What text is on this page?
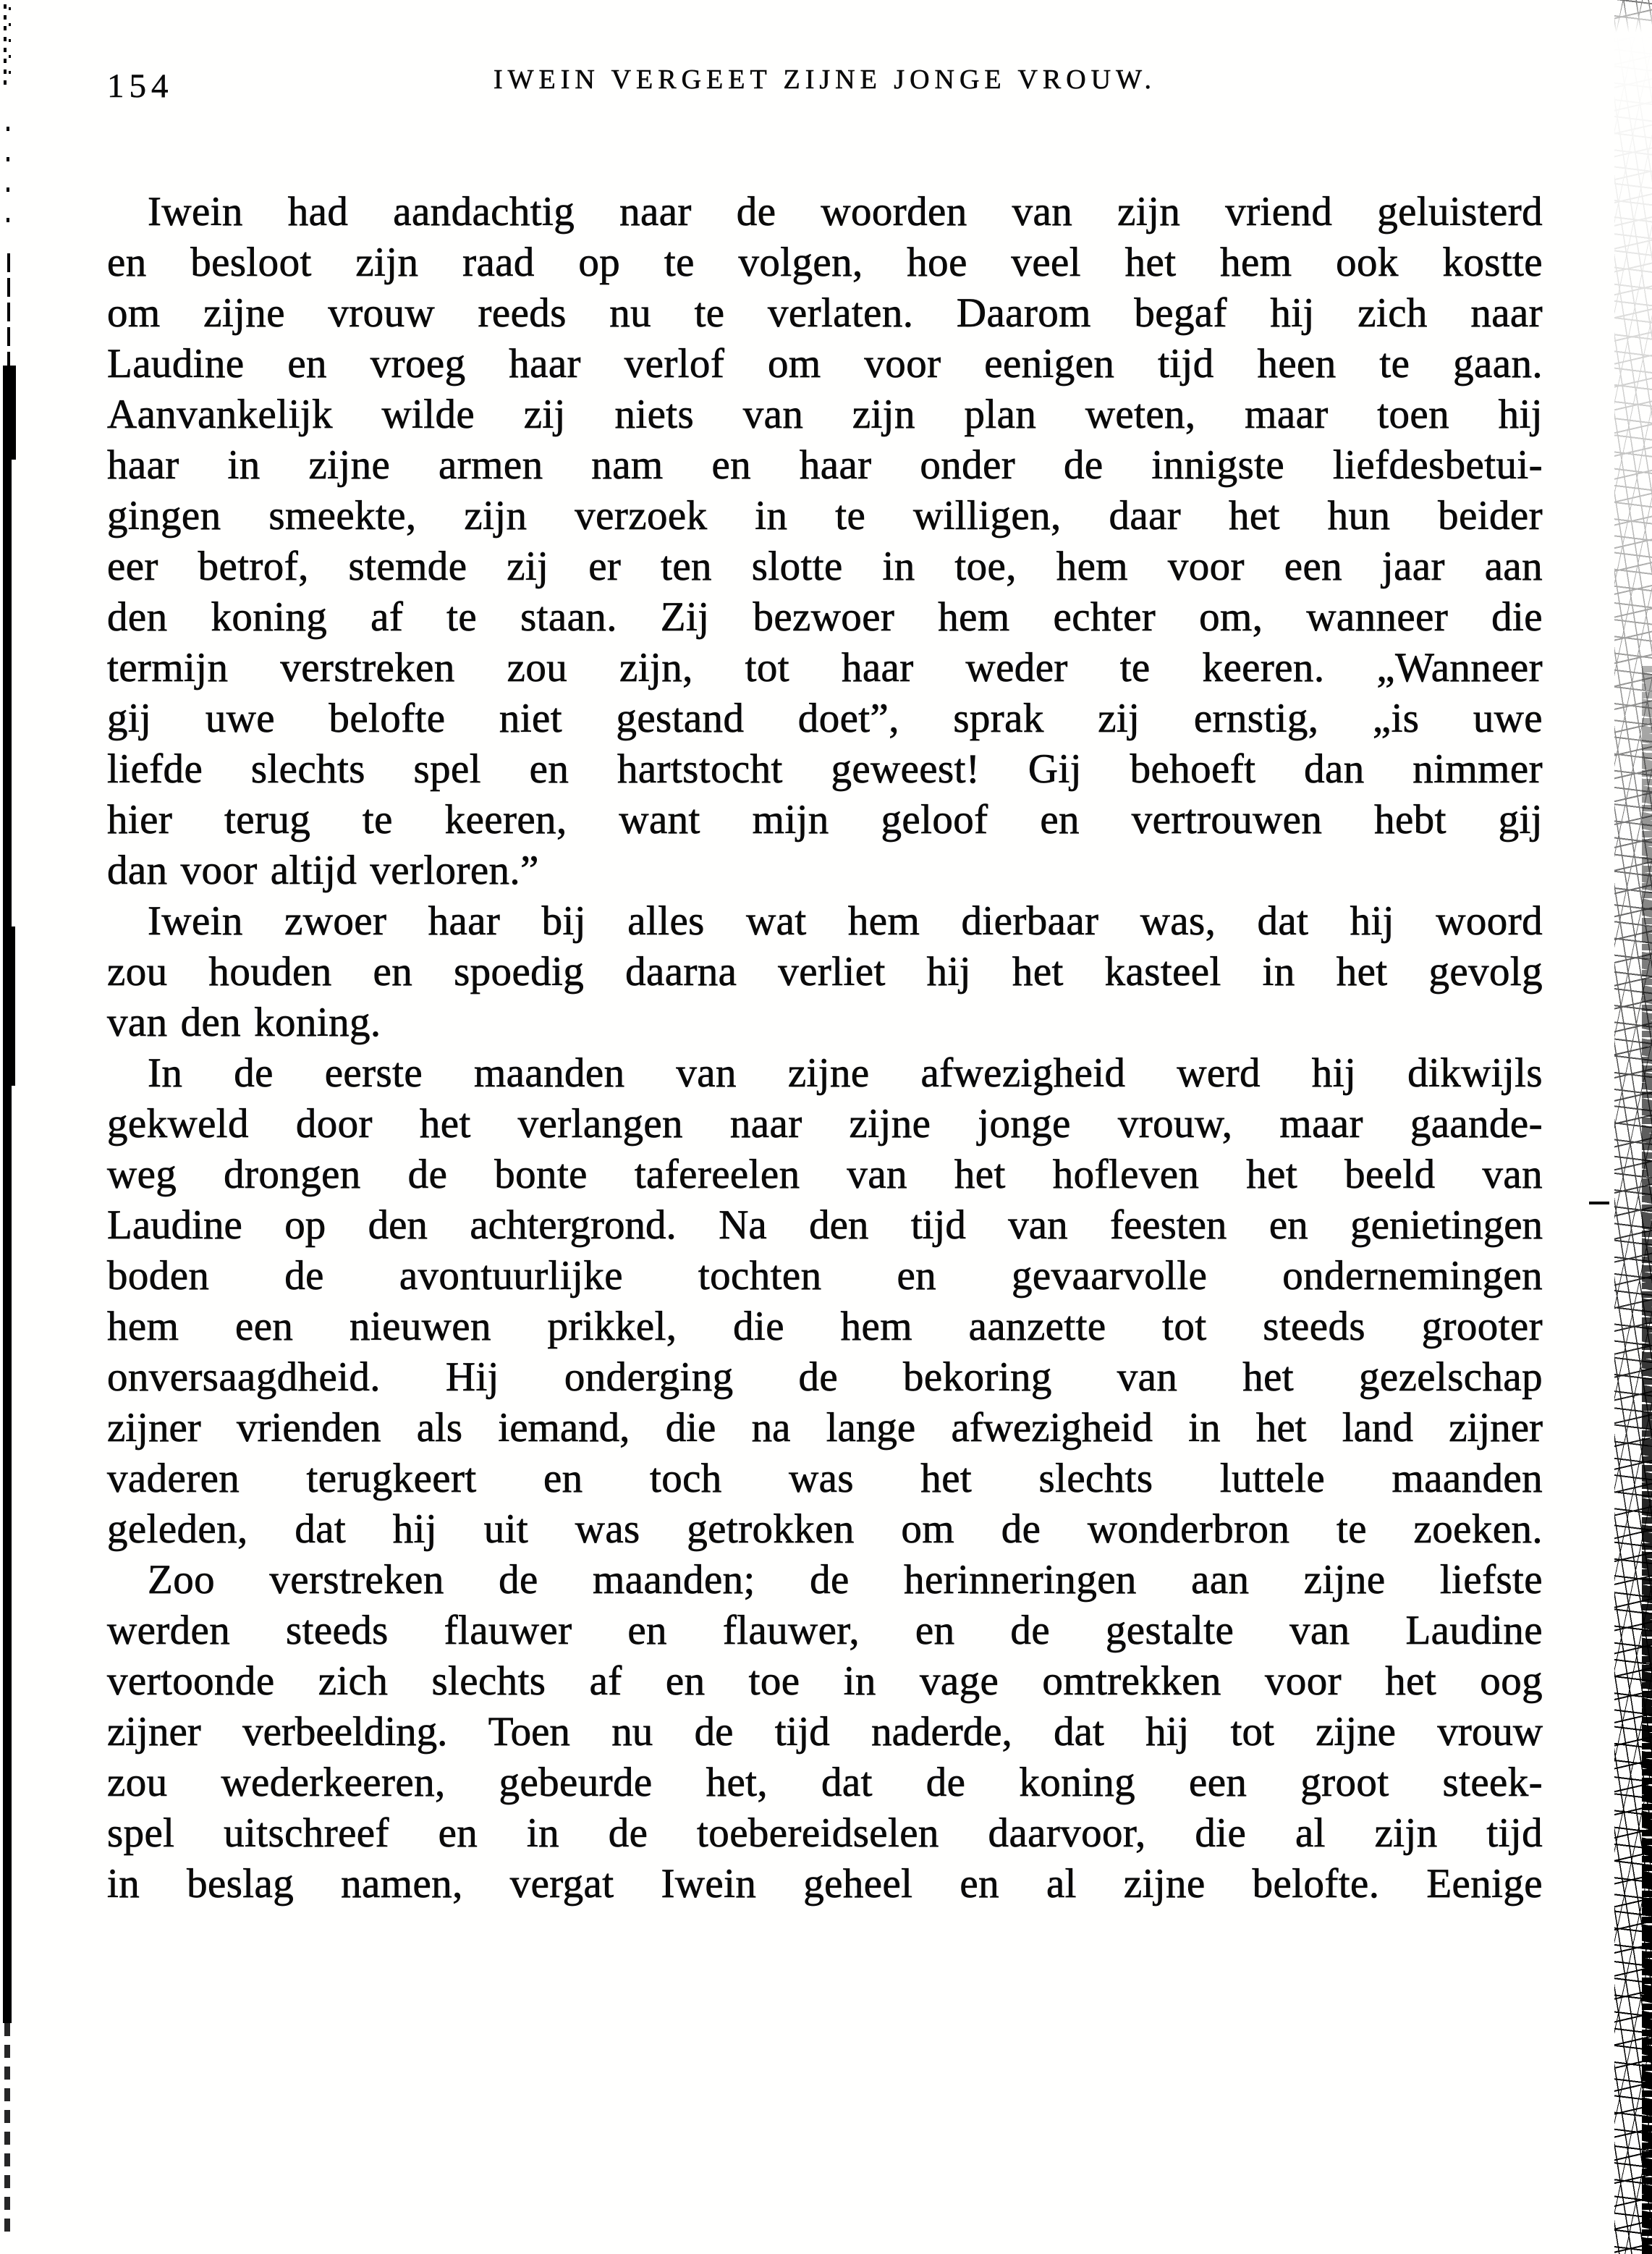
154	IWEIN VERGEET ZIJNE JONGE VROUW.
Iwein had aandachtig naar de woorden van zijn vriend geluisterd
en besloot zijn raad op te volgen, hoe veel het hem ook kostte
om zijne vrouw reeds nu te verlaten. Daarom begaf hij zich naar
Laudine en vroeg haar verlof om voor eenigen tijd heen te gaan.
Aanvankelijk wilde zij niets van zijn plan weten, maar toen hij
haar in zijne armen nam en haar onder de innigste liefdesbetui-
gingen smeekte, zijn verzoek in te willigen, daar het hun beider
eer betrof, stemde zij er ten slotte in toe, hem voor een jaar aan
den koning af te staan. Zij bezwoer hem echter om, wanneer die
termijn verstreken zou zijn, tot haar weder te keeren. „Wanneer
gij uwe belofte niet gestand doet”, sprak zij ernstig, „is uwe
liefde slechts spel en hartstocht geweest! Gij behoeft dan nimmer
hier terug te keeren, want mijn geloof en vertrouwen hebt gij
dan voor altijd verloren.”
Iwein zwoer haar bij alles wat hem dierbaar was, dat hij woord
zou houden en spoedig daarna verliet hij het kasteel in het gevolg
van den koning.
In de eerste maanden van zijne afwezigheid werd hij dikwijls
gekweld door het verlangen naar zijne jonge vrouw, maar gaande-
weg drongen de bonte tafereelen van het hofleven het beeld van
Laudine op den achtergrond. Na den tijd van feesten en genietingen
boden de avontuurlijke tochten en gevaarvolle ondernemingen
hem een nieuwen prikkel, die hem aanzette tot steeds grooter
onversaagdheid. Hij onderging de bekoring van het gezelschap
zijner vrienden als iemand, die na lange afwezigheid in het land zijner
vaderen terugkeert en toch was het slechts luttele maanden
geleden, dat hij uit was getrokken om de wonderbron te zoeken.
Zoo verstreken de maanden; de herinneringen aan zijne liefste
werden steeds flauwer en flauwer, en de gestalte van Laudine
vertoonde zich slechts af en toe in vage omtrekken voor het oog
zijner verbeelding. Toen nu de tijd naderde, dat hij tot zijne vrouw
zou wederkeeren, gebeurde het, dat de koning een groot steek-
spel uitschreef en in de toebereidselen daarvoor, die al zijn tijd
in beslag namen, vergat Iwein geheel en al zijne belofte. Eenige
